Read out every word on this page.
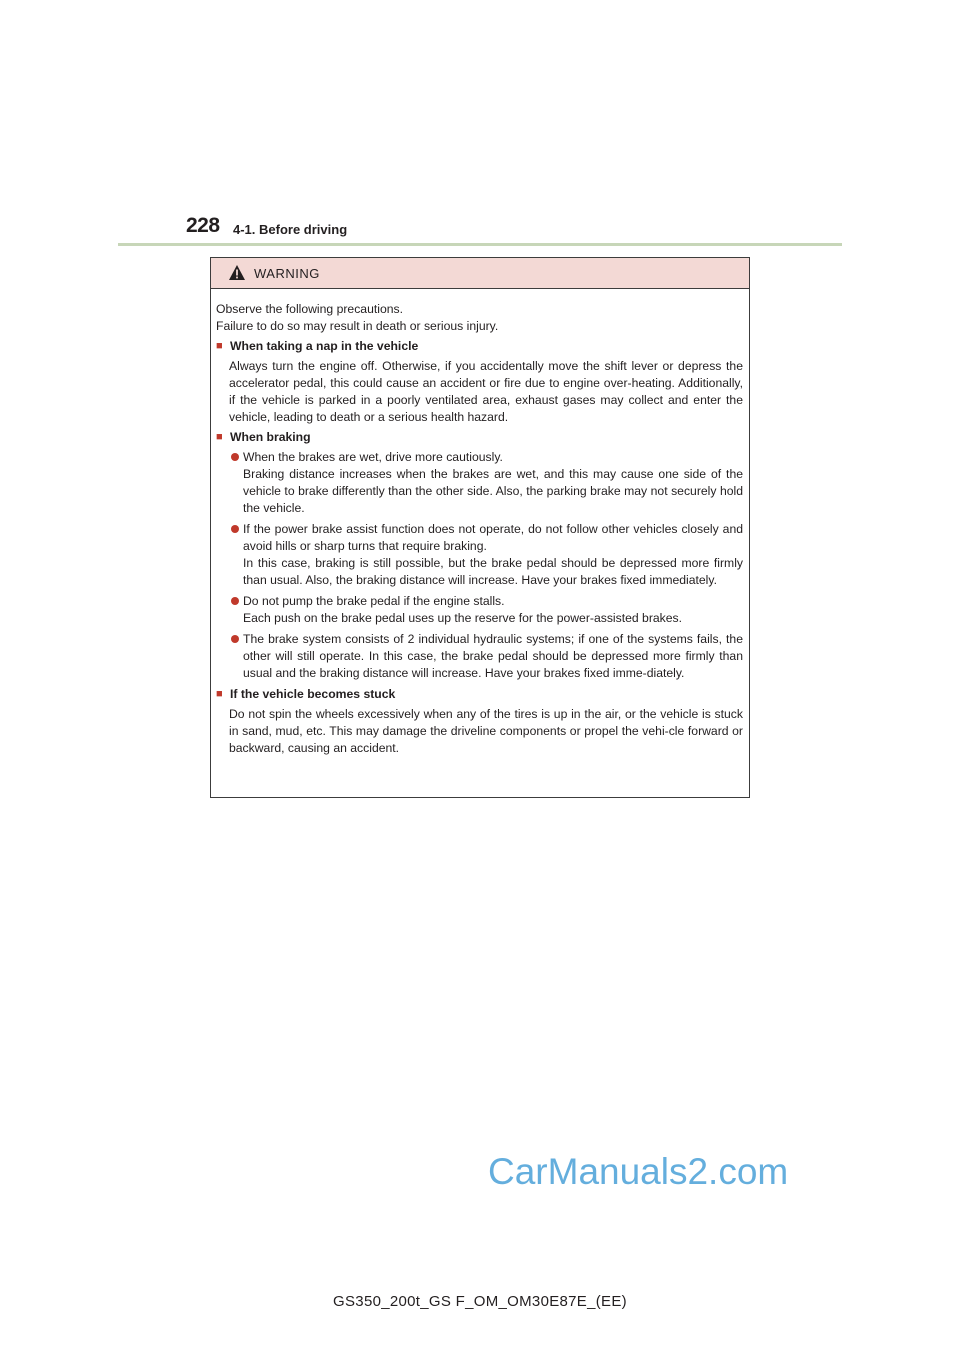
228 4-1. Before driving
WARNING

Observe the following precautions.

Failure to do so may result in death or serious injury.

■ When taking a nap in the vehicle

Always turn the engine off. Otherwise, if you accidentally move the shift lever or depress the accelerator pedal, this could cause an accident or fire due to engine over-heating. Additionally, if the vehicle is parked in a poorly ventilated area, exhaust gases may collect and enter the vehicle, leading to death or a serious health hazard.

■ When braking
When the brakes are wet, drive more cautiously.
Braking distance increases when the brakes are wet, and this may cause one side of the vehicle to brake differently than the other side. Also, the parking brake may not securely hold the vehicle.
If the power brake assist function does not operate, do not follow other vehicles closely and avoid hills or sharp turns that require braking.
In this case, braking is still possible, but the brake pedal should be depressed more firmly than usual. Also, the braking distance will increase. Have your brakes fixed immediately.
Do not pump the brake pedal if the engine stalls.
Each push on the brake pedal uses up the reserve for the power-assisted brakes.
The brake system consists of 2 individual hydraulic systems; if one of the systems fails, the other will still operate. In this case, the brake pedal should be depressed more firmly than usual and the braking distance will increase. Have your brakes fixed imme-diately.
■ If the vehicle becomes stuck

Do not spin the wheels excessively when any of the tires is up in the air, or the vehicle is stuck in sand, mud, etc. This may damage the driveline components or propel the vehi-cle forward or backward, causing an accident.

CarManuals2.com
GS350_200t_GS F_OM_OM30E87E_(EE)
